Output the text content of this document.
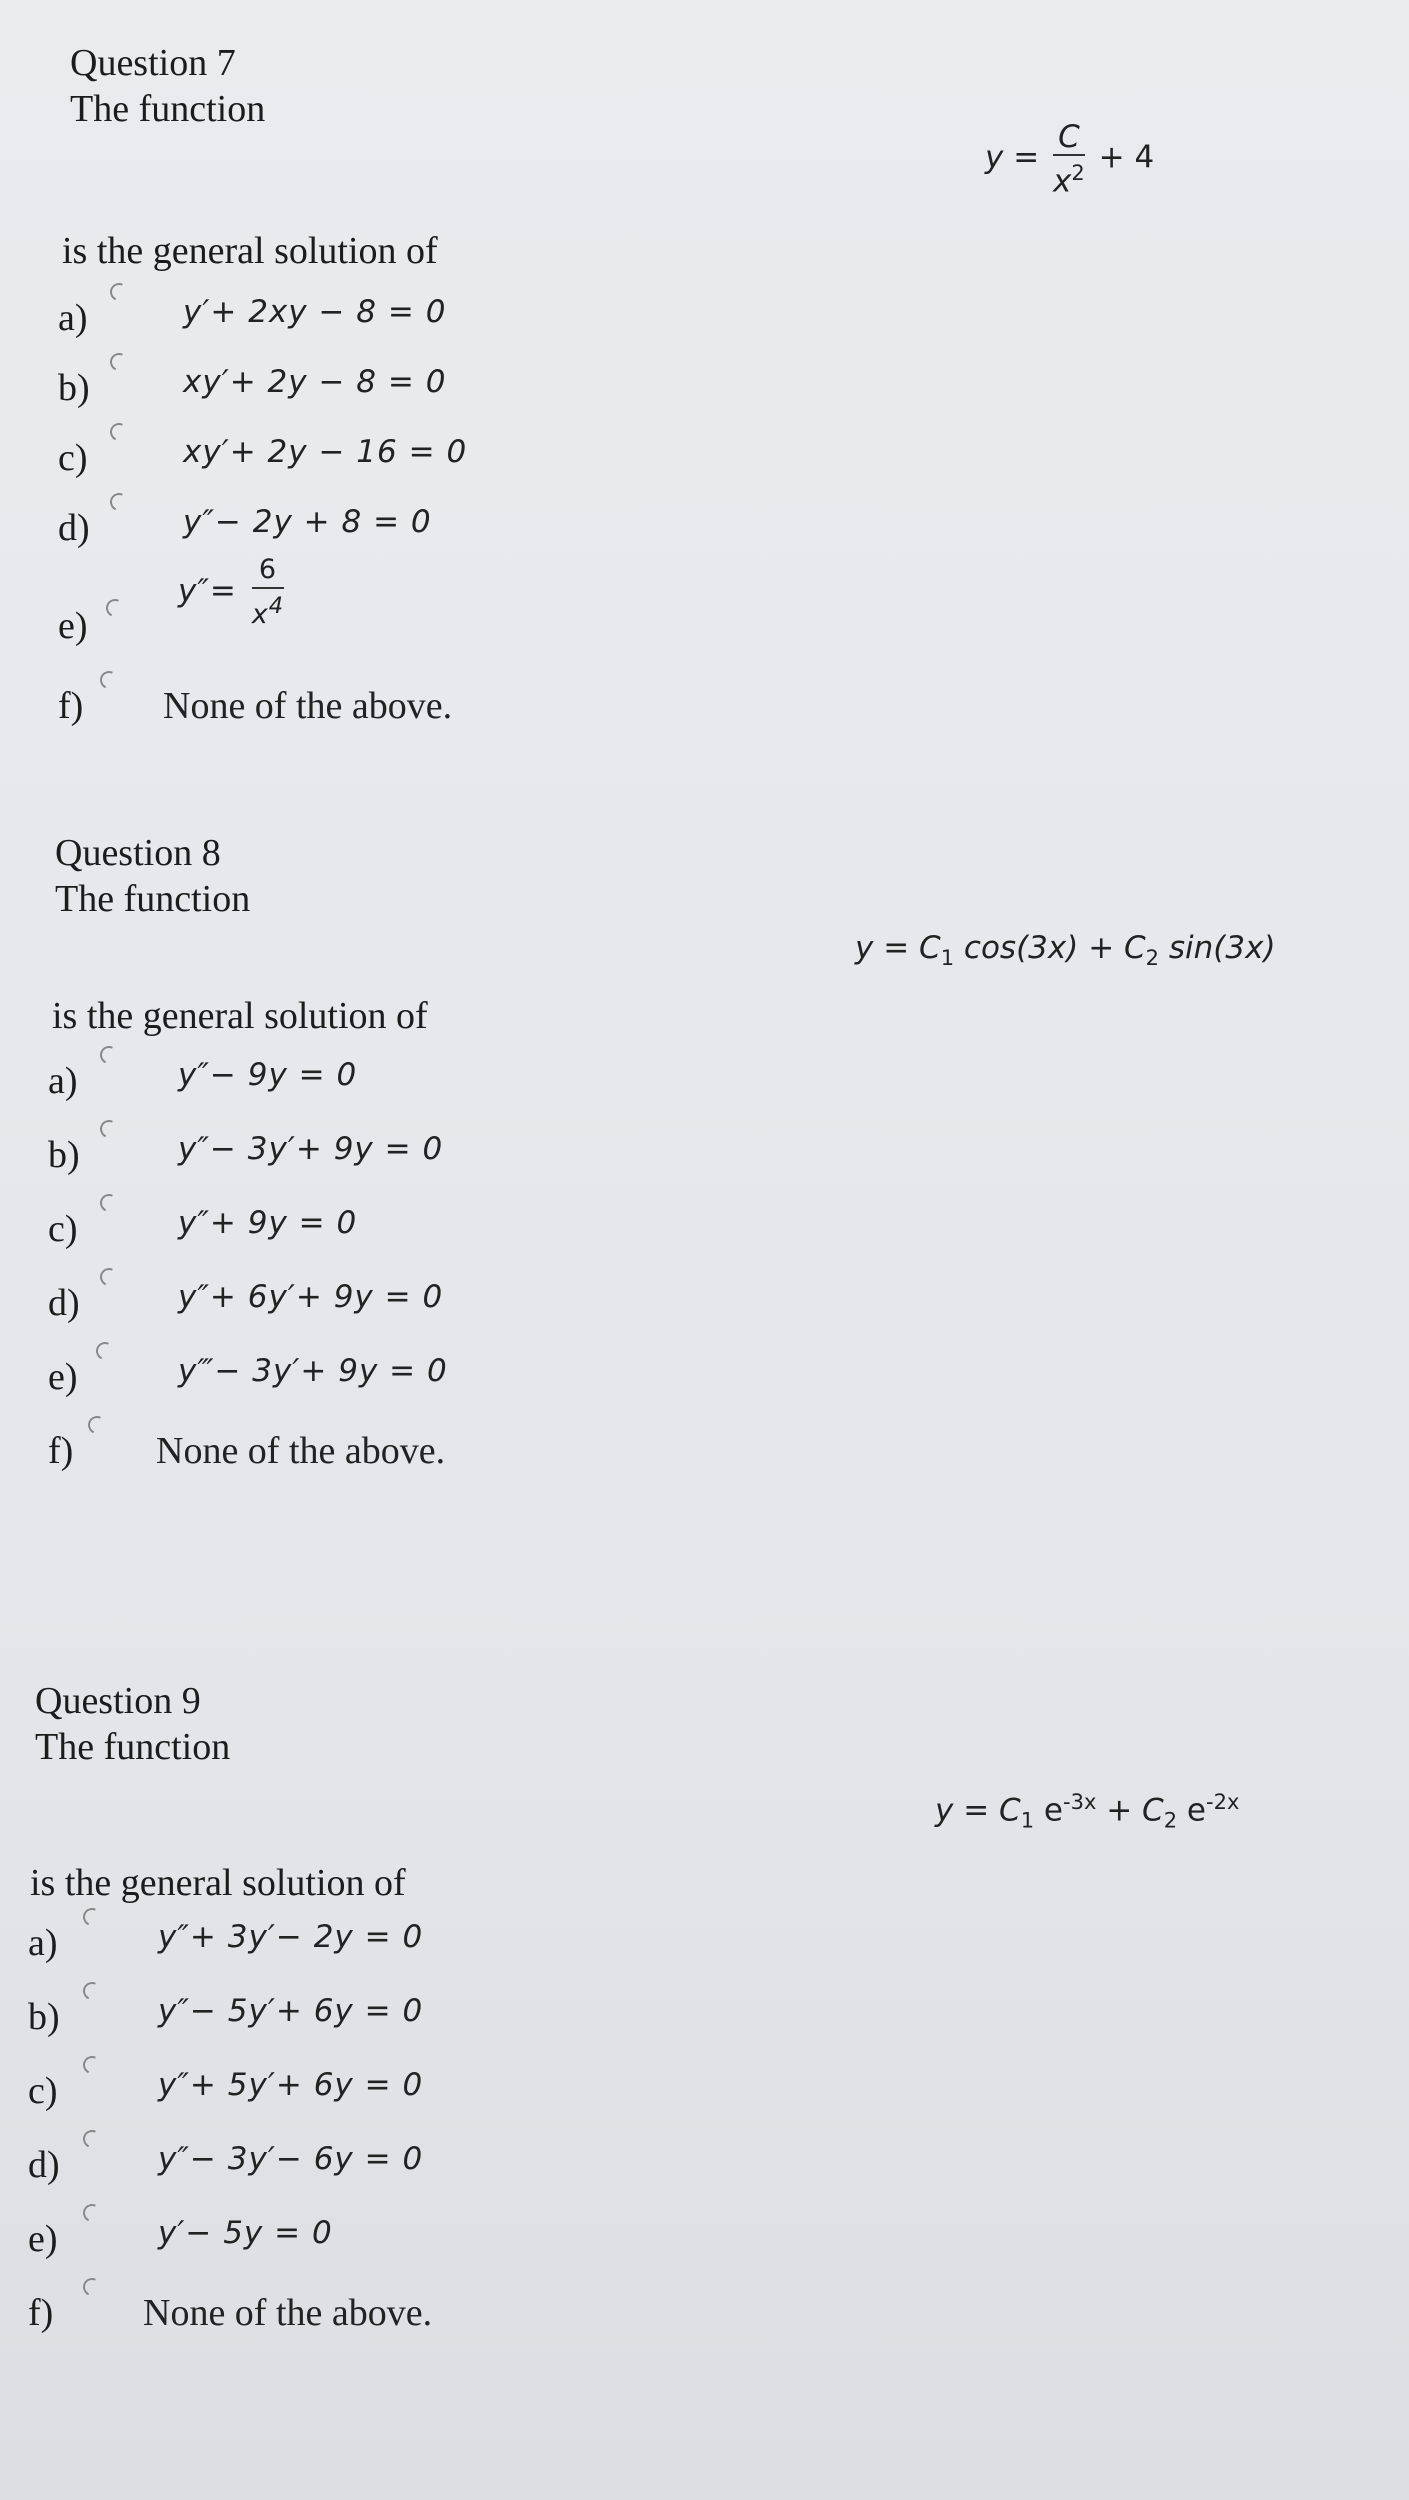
Question 7
The function
$y = \frac{C}{x^2} + 4$
is the general solution of
a)	y′+ 2xy − 8 = 0
b)	xy′+ 2y − 8 = 0
c)	xy′+ 2y − 16 = 0
d)	y″− 2y + 8 = 0
e)
$y''= \frac{6}{x^4}$
f) None of the above.
Question 8
The function
$y = C_1$ $\cos(3x) + C_2$ sin(3x)
is the general solution of
a)	y″− 9y = 0
b)	y″− 3y′+ 9y = 0
c)	y″+ 9y = 0
d)	y″+ 6y′+ 9y = 0
e)	y‴− 3y′+ 9y = 0
f) None of the above.
Question 9
The function
$y = C_1$ $e^{-3x} + C_2$ $e^{-2x}$
is the general solution of
a)	y″+ 3y′− 2y = 0
b)	y″− 5y′+ 6y = 0
c)	y″+ 5y′+ 6y = 0
d)	y″− 3y′− 6y = 0
e)	y′− 5y = 0
f) None of the above.
